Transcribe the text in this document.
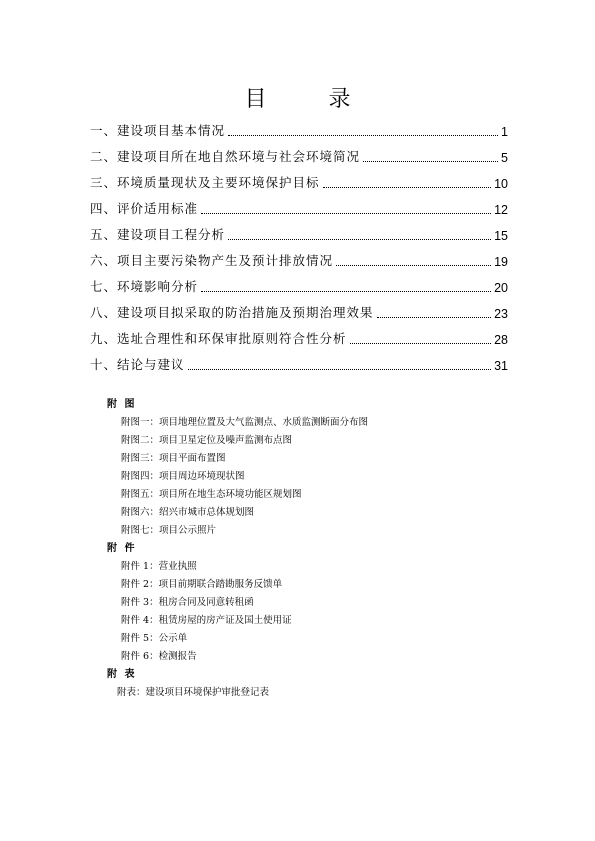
目　录
一、建设项目基本情况	1
二、建设项目所在地自然环境与社会环境简况	5
三、环境质量现状及主要环境保护目标	10
四、评价适用标准	12
五、建设项目工程分析	15
六、项目主要污染物产生及预计排放情况	19
七、环境影响分析	20
八、建设项目拟采取的防治措施及预期治理效果	23
九、选址合理性和环保审批原则符合性分析	28
十、结论与建议	31
附 图
附图一：项目地理位置及大气监测点、水质监测断面分布图
附图二：项目卫星定位及噪声监测布点图
附图三：项目平面布置图
附图四：项目周边环境现状图
附图五：项目所在地生态环境功能区规划图
附图六：绍兴市城市总体规划图
附图七：项目公示照片
附 件
附件 1：营业执照
附件 2：项目前期联合踏勘服务反馈单
附件 3：租房合同及同意转租函
附件 4：租赁房屋的房产证及国土使用证
附件 5：公示单
附件 6：检测报告
附 表
附表：建设项目环境保护审批登记表
